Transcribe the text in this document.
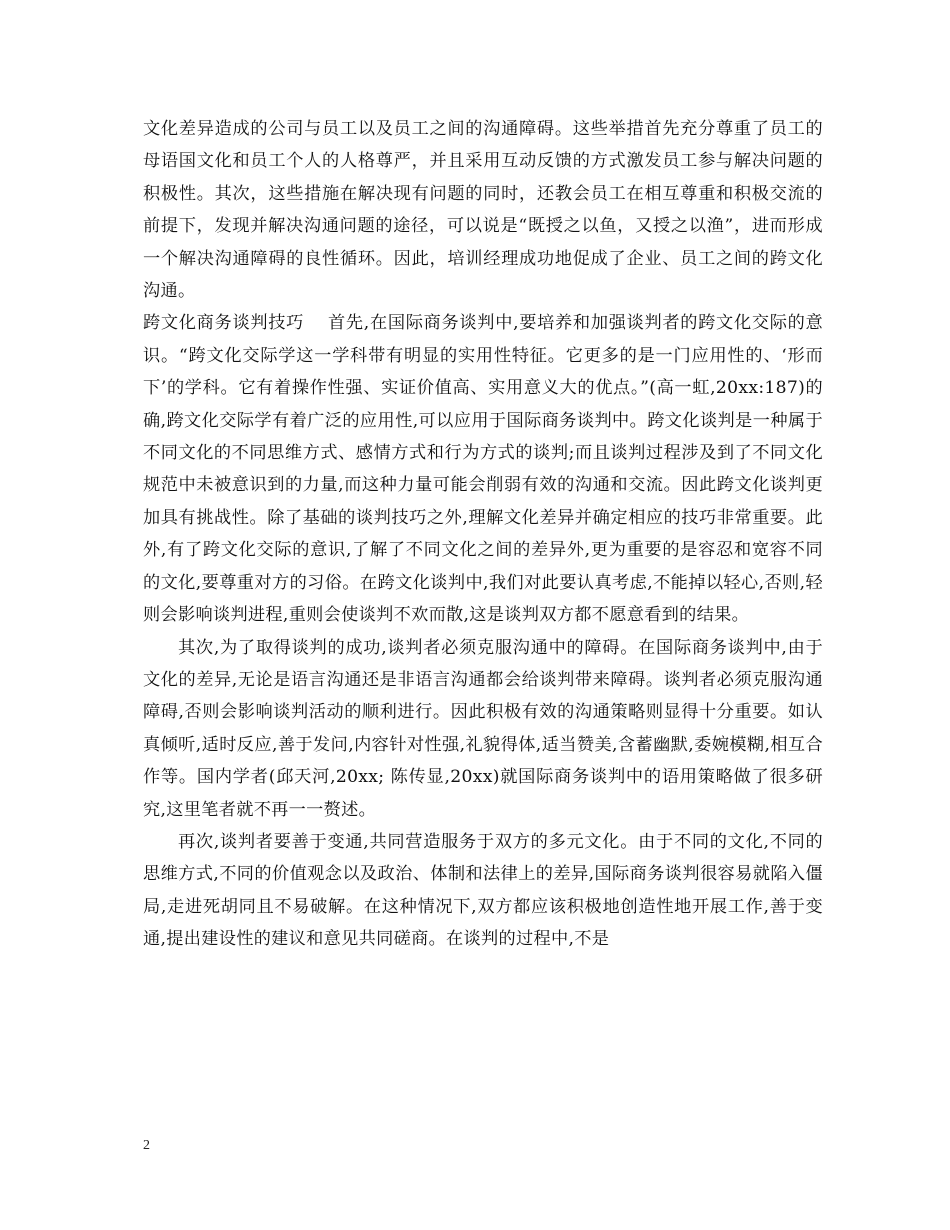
文化差异造成的公司与员工以及员工之间的沟通障碍。这些举措首先充分尊重了员工的母语国文化和员工个人的人格尊严，并且采用互动反馈的方式激发员工参与解决问题的积极性。其次，这些措施在解决现有问题的同时，还教会员工在相互尊重和积极交流的前提下，发现并解决沟通问题的途径，可以说是“既授之以鱼，又授之以渔”，进而形成一个解决沟通障碍的良性循环。因此，培训经理成功地促成了企业、员工之间的跨文化沟通。

跨文化商务谈判技巧 首先,在国际商务谈判中,要培养和加强谈判者的跨文化交际的意识。“跨文化交际学这一学科带有明显的实用性特征。它更多的是一门应用性的、‘形而下’的学科。它有着操作性强、实证价值高、实用意义大的优点。”(高一虹,20xx:187)的确,跨文化交际学有着广泛的应用性,可以应用于国际商务谈判中。跨文化谈判是一种属于不同文化的不同思维方式、感情方式和行为方式的谈判;而且谈判过程涉及到了不同文化规范中未被意识到的力量,而这种力量可能会削弱有效的沟通和交流。因此跨文化谈判更加具有挑战性。除了基础的谈判技巧之外,理解文化差异并确定相应的技巧非常重要。此外,有了跨文化交际的意识,了解了不同文化之间的差异外,更为重要的是容忍和宽容不同的文化,要尊重对方的习俗。在跨文化谈判中,我们对此要认真考虑,不能掉以轻心,否则,轻则会影响谈判进程,重则会使谈判不欢而散,这是谈判双方都不愿意看到的结果。

其次,为了取得谈判的成功,谈判者必须克服沟通中的障碍。在国际商务谈判中,由于文化的差异,无论是语言沟通还是非语言沟通都会给谈判带来障碍。谈判者必须克服沟通障碍,否则会影响谈判活动的顺利进行。因此积极有效的沟通策略则显得十分重要。如认真倾听,适时反应,善于发问,内容针对性强,礼貌得体,适当赞美,含蓄幽默,委婉模糊,相互合作等。国内学者(邱天河,20xx; 陈传显,20xx)就国际商务谈判中的语用策略做了很多研究,这里笔者就不再一一赘述。

再次,谈判者要善于变通,共同营造服务于双方的多元文化。由于不同的文化,不同的思维方式,不同的价值观念以及政治、体制和法律上的差异,国际商务谈判很容易就陷入僵局,走进死胡同且不易破解。在这种情况下,双方都应该积极地创造性地开展工作,善于变通,提出建设性的建议和意见共同磋商。在谈判的过程中,不是

2
